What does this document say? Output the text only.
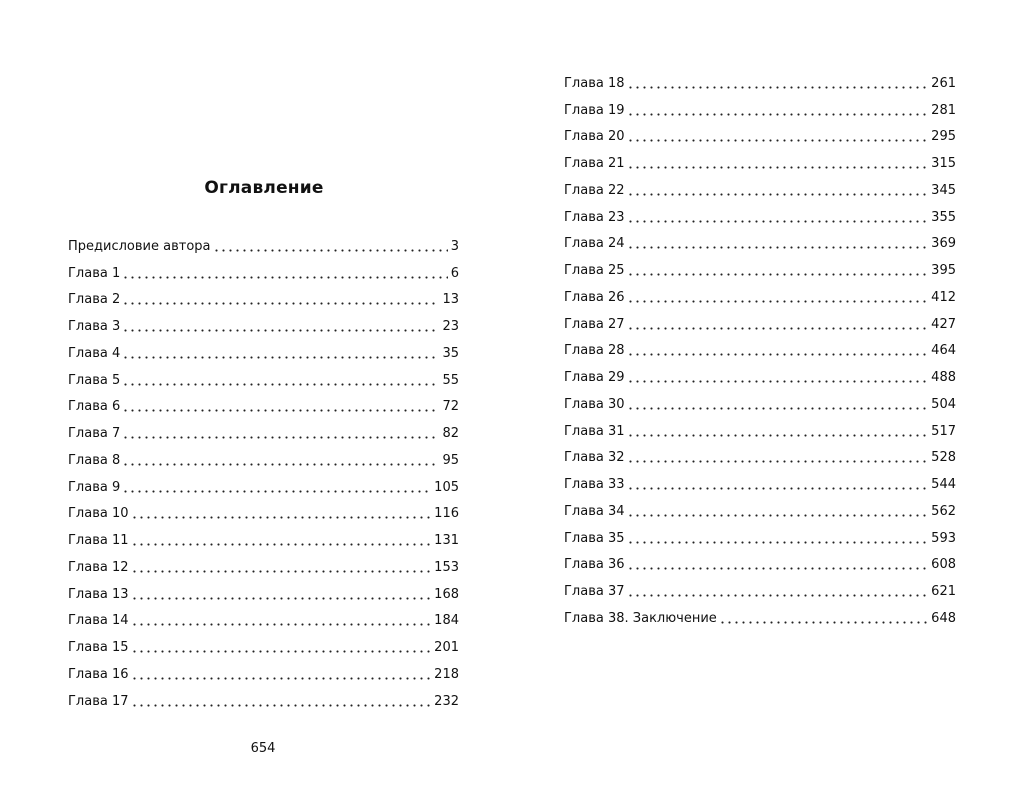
Оглавление
Предисловие автора	3
Глава 1	6
Глава 2	13
Глава 3	23
Глава 4	35
Глава 5	55
Глава 6	72
Глава 7	82
Глава 8	95
Глава 9	105
Глава 10	116
Глава 11	131
Глава 12	153
Глава 13	168
Глава 14	184
Глава 15	201
Глава 16	218
Глава 17	232
654
Глава 18	261
Глава 19	281
Глава 20	295
Глава 21	315
Глава 22	345
Глава 23	355
Глава 24	369
Глава 25	395
Глава 26	412
Глава 27	427
Глава 28	464
Глава 29	488
Глава 30	504
Глава 31	517
Глава 32	528
Глава 33	544
Глава 34	562
Глава 35	593
Глава 36	608
Глава 37	621
Глава 38. Заключение	648
